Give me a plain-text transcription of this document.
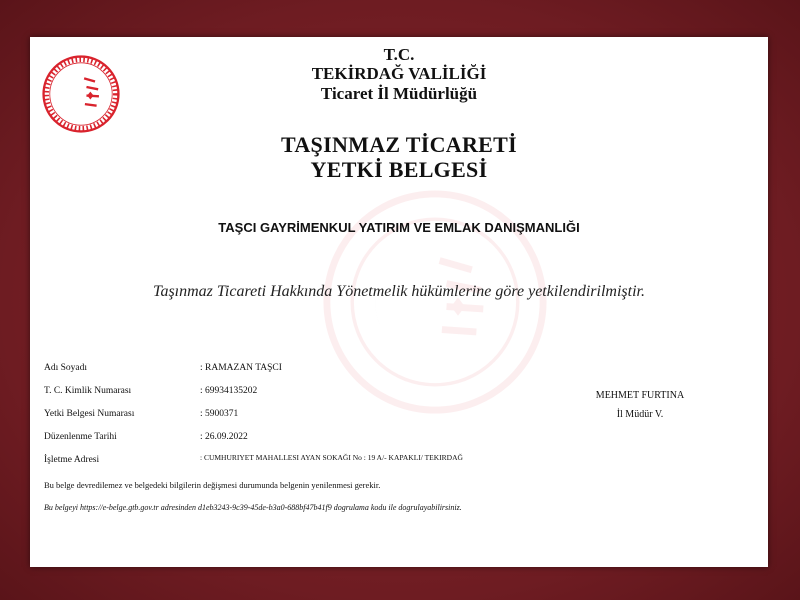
T.C.
TEKİRDAĞ VALİLİĞİ
Ticaret İl Müdürlüğü
TAŞINMAZ TİCARETİ
YETKİ BELGESİ
TAŞCI GAYRİMENKUL YATIRIM VE EMLAK DANIŞMANLIĞI
Taşınmaz Ticareti Hakkında Yönetmelik hükümlerine göre yetkilendirilmiştir.
Adı Soyadı	: RAMAZAN TAŞCI
T. C. Kimlik Numarası	: 69934135202
Yetki Belgesi Numarası	: 5900371
Düzenlenme Tarihi	: 26.09.2022
İşletme Adresi	: CUMHURIYET MAHALLESI AYAN SOKAĞI No : 19 A/- KAPAKLI/ TEKIRDAĞ
Bu belge devredilemez ve belgedeki bilgilerin değişmesi durumunda belgenin yenilenmesi gerekir.
Bu belgeyi https://e-belge.gtb.gov.tr adresinden d1eb3243-9c39-45de-b3a0-688bf47b41f9 dogrulama kodu ile dogrulayabilirsiniz.
MEHMET FURTINA
İl Müdür V.
